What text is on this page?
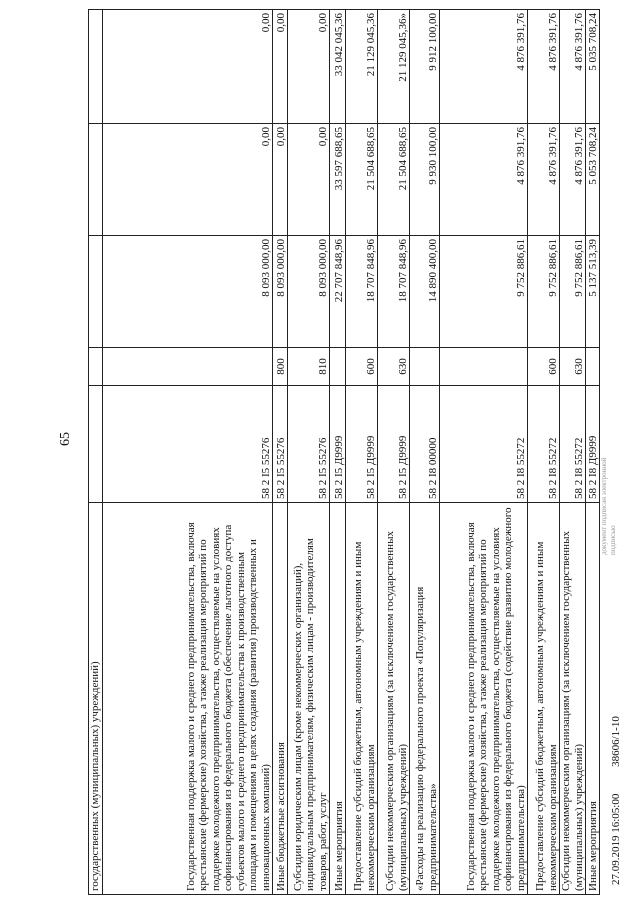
65
государственных (муниципальных) учреждений)					
Государственная поддержка малого и среднего предпринимательства, включая крестьянские (фермерские) хозяйства, а также реализация мероприятий по поддержке молодежного предпринимательства, осуществляемые на условиях софинансирования из федерального бюджета (обеспечение льготного доступа субъектов малого и среднего предпринимательства к производственным площадям и помещениям в целях создания (развития) производственных и инновационных компаний)	58 2 I5 55276		8 093 000,00	0,00	0,00
Иные бюджетные ассигнования	58 2 I5 55276	800	8 093 000,00	0,00	0,00
Субсидии юридическим лицам (кроме некоммерческих организаций), индивидуальным предпринимателям, физическим лицам - производителям товаров, работ, услуг	58 2 I5 55276	810	8 093 000,00	0,00	0,00
Иные мероприятия	58 2 I5 Д9999		22 707 848,96	33 597 688,65	33 042 045,36
Предоставление субсидий бюджетным, автономным учреждениям и иным некоммерческим организациям	58 2 I5 Д9999	600	18 707 848,96	21 504 688,65	21 129 045,36
Субсидии некоммерческим организациям (за исключением государственных (муниципальных) учреждений)	58 2 I5 Д9999	630	18 707 848,96	21 504 688,65	21 129 045,36»
«Расходы на реализацию федерального проекта «Популяризация предпринимательства»	58 2 I8 00000		14 890 400,00	9 930 100,00	9 912 100,00
Государственная поддержка малого и среднего предпринимательства, включая крестьянские (фермерские) хозяйства, а также реализация мероприятий по поддержке молодежного предпринимательства, осуществляемые на условиях софинансирования из федерального бюджета (содействие развитию молодежного предпринимательства)	58 2 I8 55272		9 752 886,61	4 876 391,76	4 876 391,76
Предоставление субсидий бюджетным, автономным учреждениям и иным некоммерческим организациям	58 2 I8 55272	600	9 752 886,61	4 876 391,76	4 876 391,76
Субсидии некоммерческим организациям (за исключением государственных (муниципальных) учреждений)	58 2 I8 55272	630	9 752 886,61	4 876 391,76	4 876 391,76
Иные мероприятия	58 2 I8 Д9999		5 137 513,39	5 053 708,24	5 035 708,24
документ подписан электронной подписью
27.09.2019 16:05:00 38606/1-10
